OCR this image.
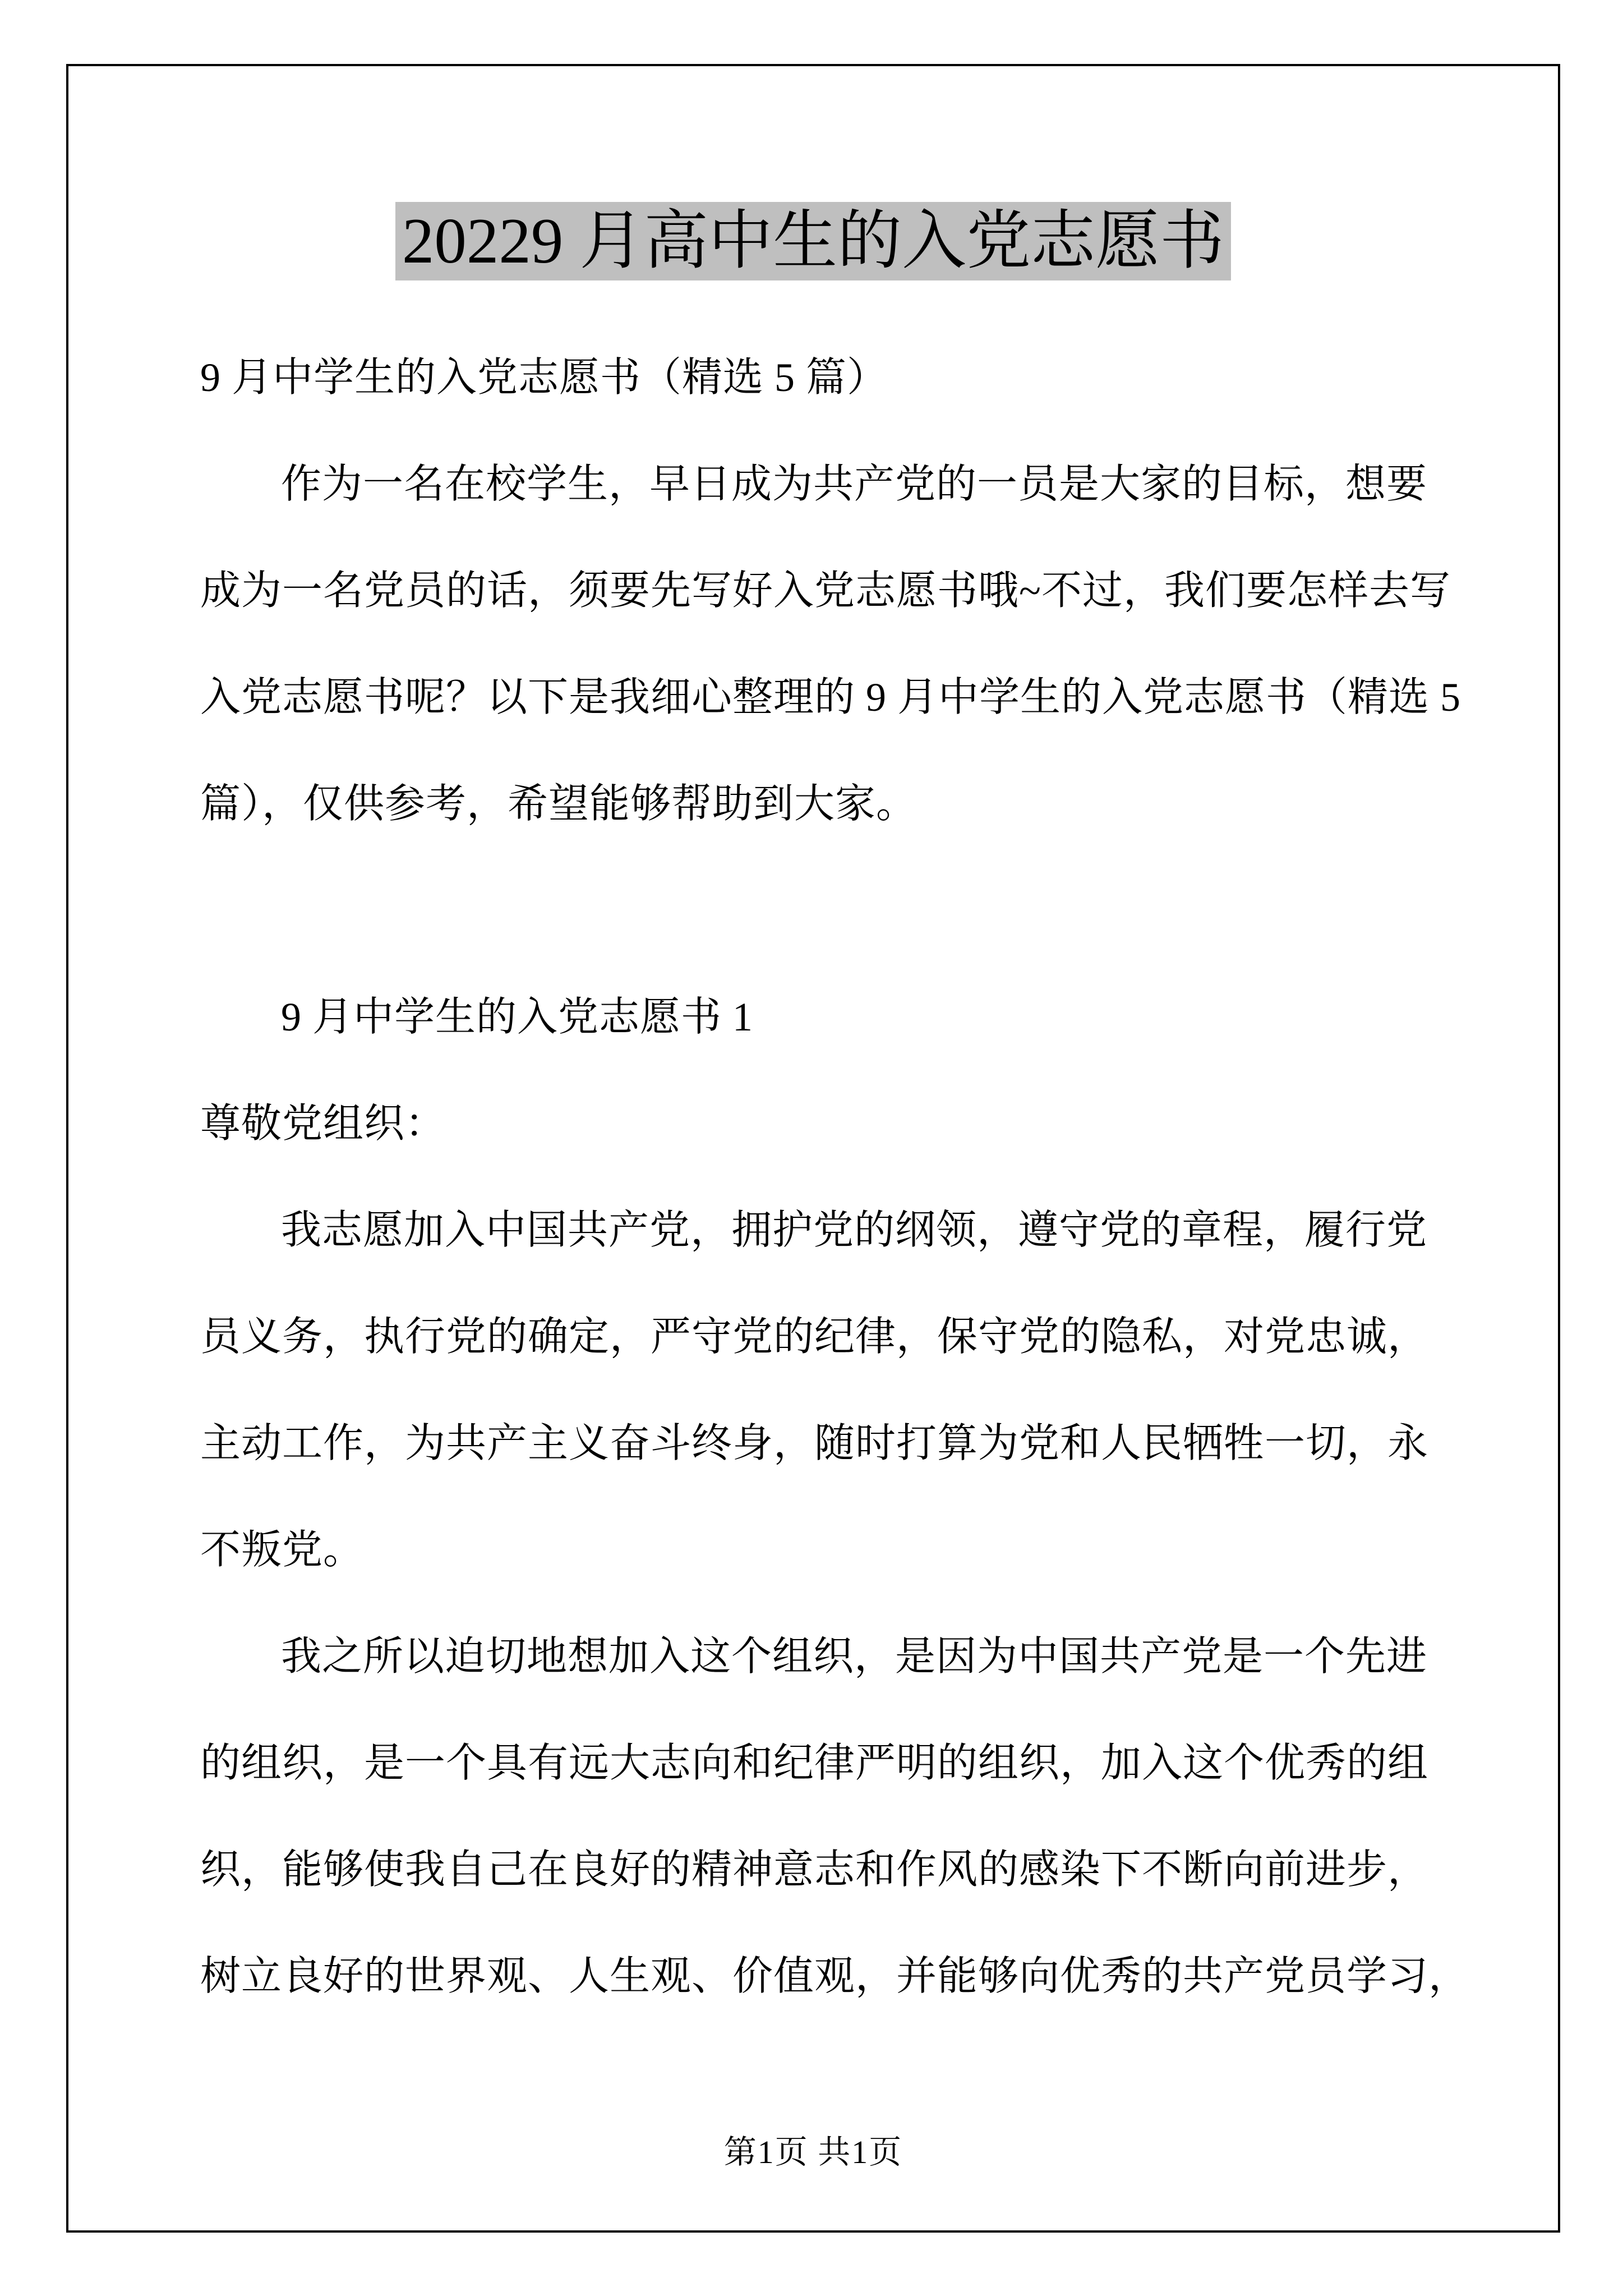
20229 月高中生的入党志愿书
9 月中学生的入党志愿书（精选 5 篇）
作为一名在校学生，早日成为共产党的一员是大家的目标，想要
成为一名党员的话，须要先写好入党志愿书哦~不过，我们要怎样去写
入党志愿书呢？以下是我细心整理的 9 月中学生的入党志愿书（精选 5
篇），仅供参考，希望能够帮助到大家。
9 月中学生的入党志愿书 1
尊敬党组织：
我志愿加入中国共产党，拥护党的纲领，遵守党的章程，履行党
员义务，执行党的确定，严守党的纪律，保守党的隐私，对党忠诚，
主动工作，为共产主义奋斗终身，随时打算为党和人民牺牲一切，永
不叛党。
我之所以迫切地想加入这个组织，是因为中国共产党是一个先进
的组织，是一个具有远大志向和纪律严明的组织，加入这个优秀的组
织，能够使我自己在良好的精神意志和作风的感染下不断向前进步，
树立良好的世界观、人生观、价值观，并能够向优秀的共产党员学习，
第1页 共1页
